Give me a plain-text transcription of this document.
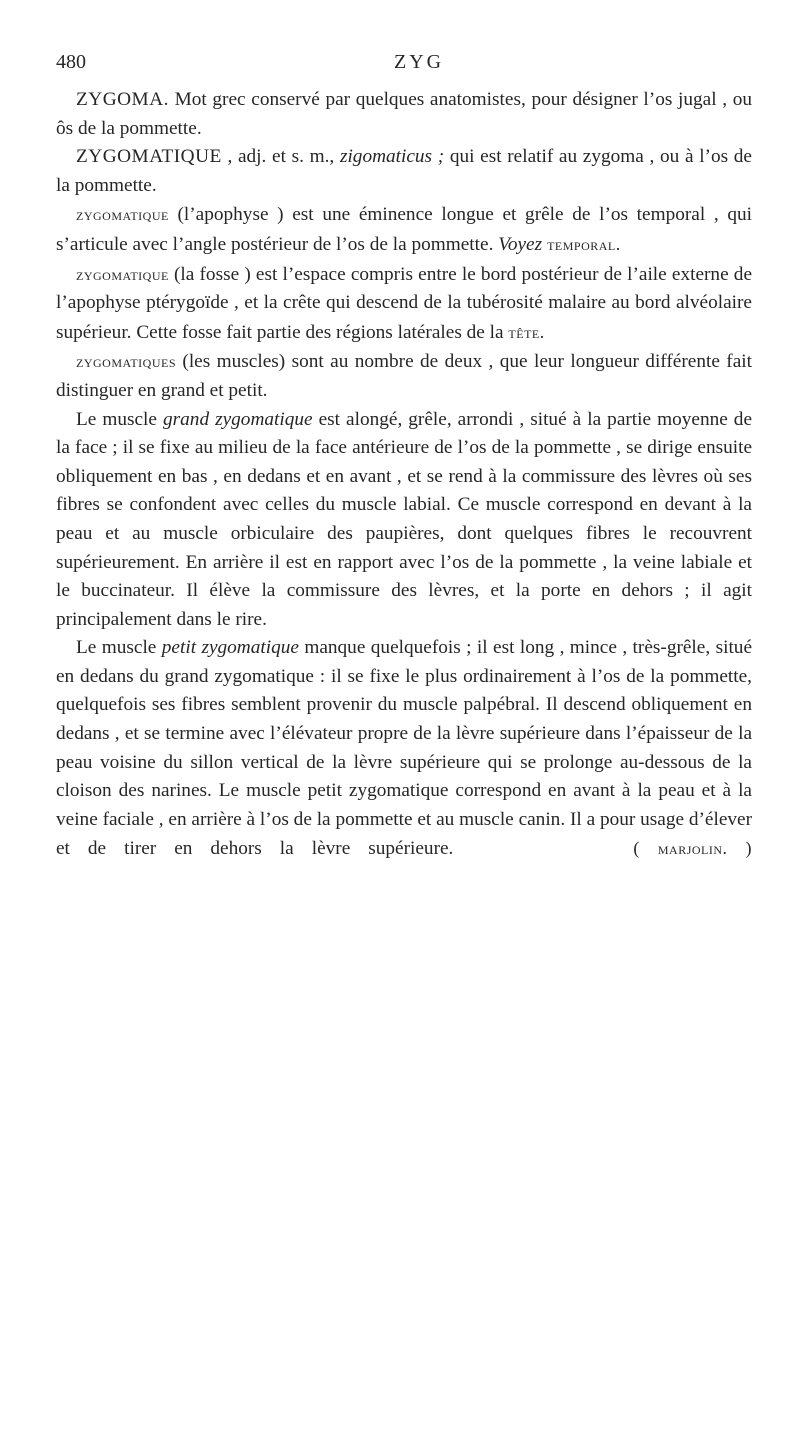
480	ZYG

ZYGOMA. Mot grec conservé par quelques anatomistes, pour désigner l’os jugal , ou ôs de la pommette.

ZYGOMATIQUE , adj. et s. m., zigomaticus ; qui est relatif au zygoma , ou à l’os de la pommette.

zygomatique (l’apophyse ) est une éminence longue et grêle de l’os temporal , qui s’articule avec l’angle postérieur de l’os de la pommette. Voyez temporal.

zygomatique (la fosse ) est l’espace compris entre le bord postérieur de l’aile externe de l’apophyse ptérygoïde , et la crête qui descend de la tubérosité malaire au bord alvéolaire supérieur. Cette fosse fait partie des régions latérales de la tête.

zygomatiques (les muscles) sont au nombre de deux , que leur longueur différente fait distinguer en grand et petit.

Le muscle grand zygomatique est alongé, grêle, arrondi , situé à la partie moyenne de la face ; il se fixe au milieu de la face antérieure de l’os de la pommette , se dirige ensuite obliquement en bas , en dedans et en avant , et se rend à la commissure des lèvres où ses fibres se confondent avec celles du muscle labial. Ce muscle correspond en devant à la peau et au muscle orbiculaire des paupières, dont quelques fibres le recouvrent supérieurement. En arrière il est en rapport avec l’os de la pommette , la veine labiale et le buccinateur. Il élève la commissure des lèvres, et la porte en dehors ; il agit principalement dans le rire.

Le muscle petit zygomatique manque quelquefois ; il est long , mince , très-grêle, situé en dedans du grand zygomatique : il se fixe le plus ordinairement à l’os de la pommette, quelquefois ses fibres semblent provenir du muscle palpébral. Il descend obliquement en dedans , et se termine avec l’élévateur propre de la lèvre supérieure dans l’épaisseur de la peau voisine du sillon vertical de la lèvre supérieure qui se prolonge au-dessous de la cloison des narines. Le muscle petit zygomatique correspond en avant à la peau et à la veine faciale , en arrière à l’os de la pommette et au muscle canin. Il a pour usage d’élever et de tirer en dehors la lèvre supérieure.	( marjolin. )
